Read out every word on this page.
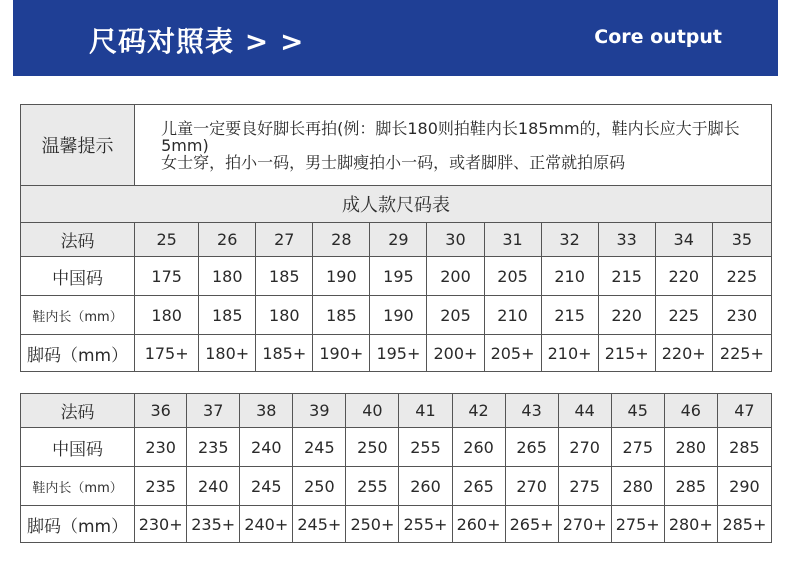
尺码对照表 > >	Core output
温馨提示	儿童一定要良好脚长再拍(例：脚长180则拍鞋内长185mm的，鞋内长应大于脚长5mm)
女士穿，拍小一码，男士脚瘦拍小一码，或者脚胖、正常就拍原码										

成人款尺码表											
法码	25	26	27	28	29	30	31	32	33	34	35
中国码	175	180	185	190	195	200	205	210	215	220	225
鞋内长（mm）	180	185	180	185	190	205	210	215	220	225	230
脚码（mm）	175+	180+	185+	190+	195+	200+	205+	210+	215+	220+	225+
法码	36	37	38	39	40	41	42	43	44	45	46	47
中国码	230	235	240	245	250	255	260	265	270	275	280	285
鞋内长（mm）	235	240	245	250	255	260	265	270	275	280	285	290
脚码（mm）	230+	235+	240+	245+	250+	255+	260+	265+	270+	275+	280+	285+
